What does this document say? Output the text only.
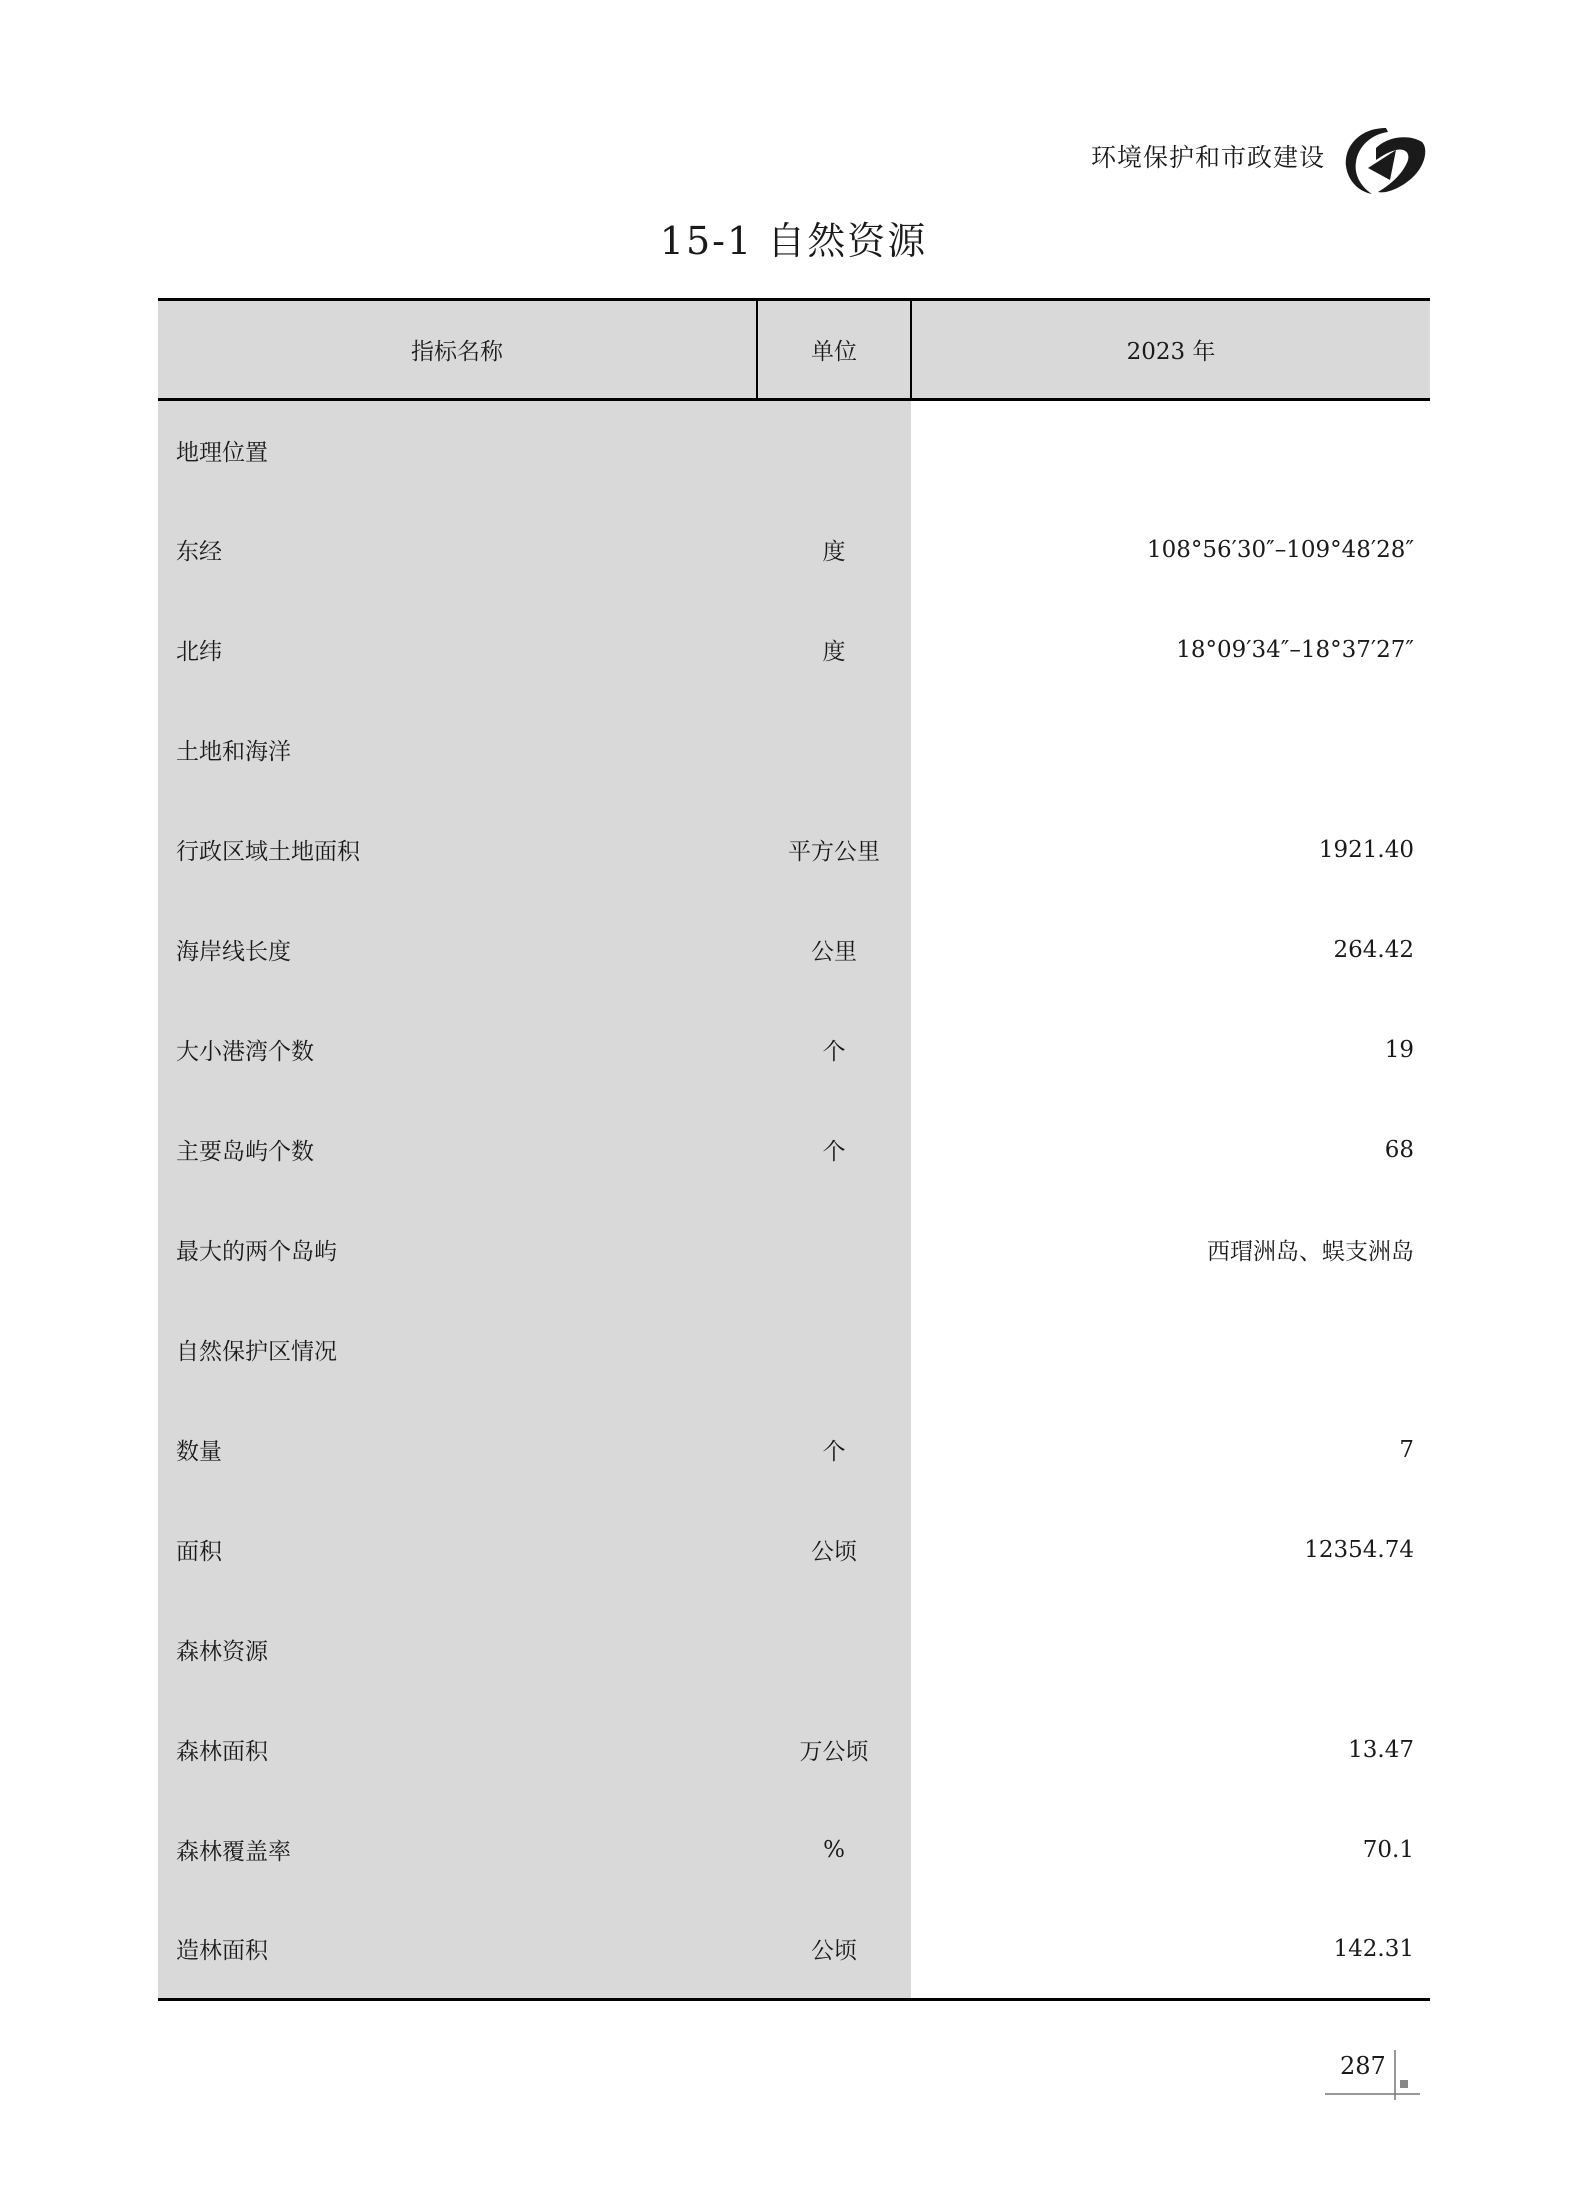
环境保护和市政建设
15-1 自然资源
指标名称	单位	2023 年
地理位置		
东经	度	108°56′30″–109°48′28″
北纬	度	18°09′34″–18°37′27″
土地和海洋		
行政区域土地面积	平方公里	1921.40
海岸线长度	公里	264.42
大小港湾个数	个	19
主要岛屿个数	个	68
最大的两个岛屿		西瑁洲岛、蜈支洲岛
自然保护区情况		
数量	个	7
面积	公顷	12354.74
森林资源		
森林面积	万公顷	13.47
森林覆盖率	%	70.1
造林面积	公顷	142.31
287
